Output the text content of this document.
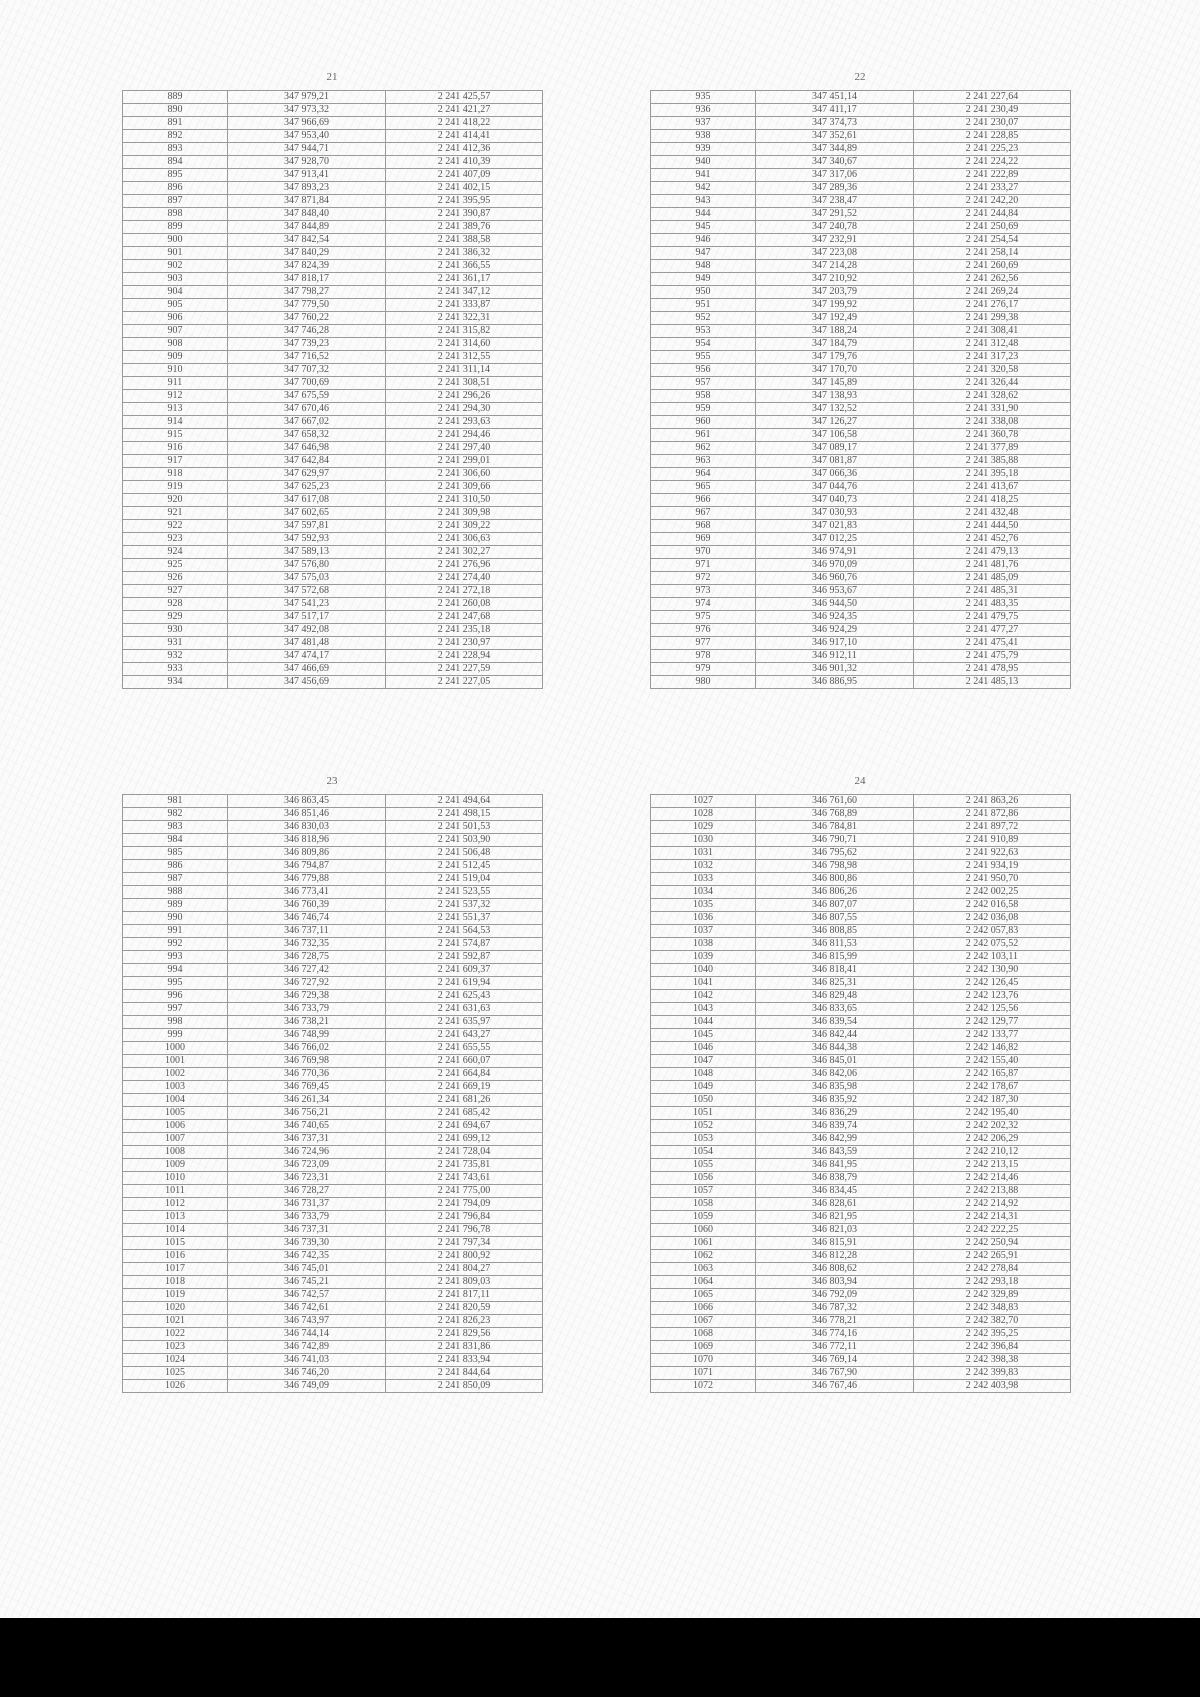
21
889	347 979,21	2 241 425,57
890	347 973,32	2 241 421,27
891	347 966,69	2 241 418,22
892	347 953,40	2 241 414,41
893	347 944,71	2 241 412,36
894	347 928,70	2 241 410,39
895	347 913,41	2 241 407,09
896	347 893,23	2 241 402,15
897	347 871,84	2 241 395,95
898	347 848,40	2 241 390,87
899	347 844,89	2 241 389,76
900	347 842,54	2 241 388,58
901	347 840,29	2 241 386,32
902	347 824,39	2 241 366,55
903	347 818,17	2 241 361,17
904	347 798,27	2 241 347,12
905	347 779,50	2 241 333,87
906	347 760,22	2 241 322,31
907	347 746,28	2 241 315,82
908	347 739,23	2 241 314,60
909	347 716,52	2 241 312,55
910	347 707,32	2 241 311,14
911	347 700,69	2 241 308,51
912	347 675,59	2 241 296,26
913	347 670,46	2 241 294,30
914	347 667,02	2 241 293,63
915	347 658,32	2 241 294,46
916	347 646,98	2 241 297,40
917	347 642,84	2 241 299,01
918	347 629,97	2 241 306,60
919	347 625,23	2 241 309,66
920	347 617,08	2 241 310,50
921	347 602,65	2 241 309,98
922	347 597,81	2 241 309,22
923	347 592,93	2 241 306,63
924	347 589,13	2 241 302,27
925	347 576,80	2 241 276,96
926	347 575,03	2 241 274,40
927	347 572,68	2 241 272,18
928	347 541,23	2 241 260,08
929	347 517,17	2 241 247,68
930	347 492,08	2 241 235,18
931	347 481,48	2 241 230,97
932	347 474,17	2 241 228,94
933	347 466,69	2 241 227,59
934	347 456,69	2 241 227,05
22
935	347 451,14	2 241 227,64
936	347 411,17	2 241 230,49
937	347 374,73	2 241 230,07
938	347 352,61	2 241 228,85
939	347 344,89	2 241 225,23
940	347 340,67	2 241 224,22
941	347 317,06	2 241 222,89
942	347 289,36	2 241 233,27
943	347 238,47	2 241 242,20
944	347 291,52	2 241 244,84
945	347 240,78	2 241 250,69
946	347 232,91	2 241 254,54
947	347 223,08	2 241 258,14
948	347 214,28	2 241 260,69
949	347 210,92	2 241 262,56
950	347 203,79	2 241 269,24
951	347 199,92	2 241 276,17
952	347 192,49	2 241 299,38
953	347 188,24	2 241 308,41
954	347 184,79	2 241 312,48
955	347 179,76	2 241 317,23
956	347 170,70	2 241 320,58
957	347 145,89	2 241 326,44
958	347 138,93	2 241 328,62
959	347 132,52	2 241 331,90
960	347 126,27	2 241 338,08
961	347 106,58	2 241 360,78
962	347 089,17	2 241 377,89
963	347 081,87	2 241 385,88
964	347 066,36	2 241 395,18
965	347 044,76	2 241 413,67
966	347 040,73	2 241 418,25
967	347 030,93	2 241 432,48
968	347 021,83	2 241 444,50
969	347 012,25	2 241 452,76
970	346 974,91	2 241 479,13
971	346 970,09	2 241 481,76
972	346 960,76	2 241 485,09
973	346 953,67	2 241 485,31
974	346 944,50	2 241 483,35
975	346 924,35	2 241 479,75
976	346 924,29	2 241 477,27
977	346 917,10	2 241 475,41
978	346 912,11	2 241 475,79
979	346 901,32	2 241 478,95
980	346 886,95	2 241 485,13
23
981	346 863,45	2 241 494,64
982	346 851,46	2 241 498,15
983	346 830,03	2 241 501,53
984	346 818,96	2 241 503,90
985	346 809,86	2 241 506,48
986	346 794,87	2 241 512,45
987	346 779,88	2 241 519,04
988	346 773,41	2 241 523,55
989	346 760,39	2 241 537,32
990	346 746,74	2 241 551,37
991	346 737,11	2 241 564,53
992	346 732,35	2 241 574,87
993	346 728,75	2 241 592,87
994	346 727,42	2 241 609,37
995	346 727,92	2 241 619,94
996	346 729,38	2 241 625,43
997	346 733,79	2 241 631,63
998	346 738,21	2 241 635,97
999	346 748,99	2 241 643,27
1000	346 766,02	2 241 655,55
1001	346 769,98	2 241 660,07
1002	346 770,36	2 241 664,84
1003	346 769,45	2 241 669,19
1004	346 261,34	2 241 681,26
1005	346 756,21	2 241 685,42
1006	346 740,65	2 241 694,67
1007	346 737,31	2 241 699,12
1008	346 724,96	2 241 728,04
1009	346 723,09	2 241 735,81
1010	346 723,31	2 241 743,61
1011	346 728,27	2 241 775,00
1012	346 731,37	2 241 794,09
1013	346 733,79	2 241 796,84
1014	346 737,31	2 241 796,78
1015	346 739,30	2 241 797,34
1016	346 742,35	2 241 800,92
1017	346 745,01	2 241 804,27
1018	346 745,21	2 241 809,03
1019	346 742,57	2 241 817,11
1020	346 742,61	2 241 820,59
1021	346 743,97	2 241 826,23
1022	346 744,14	2 241 829,56
1023	346 742,89	2 241 831,86
1024	346 741,03	2 241 833,94
1025	346 746,20	2 241 844,64
1026	346 749,09	2 241 850,09
24
1027	346 761,60	2 241 863,26
1028	346 768,89	2 241 872,86
1029	346 784,81	2 241 897,72
1030	346 790,71	2 241 910,89
1031	346 795,62	2 241 922,63
1032	346 798,98	2 241 934,19
1033	346 800,86	2 241 950,70
1034	346 806,26	2 242 002,25
1035	346 807,07	2 242 016,58
1036	346 807,55	2 242 036,08
1037	346 808,85	2 242 057,83
1038	346 811,53	2 242 075,52
1039	346 815,99	2 242 103,11
1040	346 818,41	2 242 130,90
1041	346 825,31	2 242 126,45
1042	346 829,48	2 242 123,76
1043	346 833,65	2 242 125,56
1044	346 839,54	2 242 129,77
1045	346 842,44	2 242 133,77
1046	346 844,38	2 242 146,82
1047	346 845,01	2 242 155,40
1048	346 842,06	2 242 165,87
1049	346 835,98	2 242 178,67
1050	346 835,92	2 242 187,30
1051	346 836,29	2 242 195,40
1052	346 839,74	2 242 202,32
1053	346 842,99	2 242 206,29
1054	346 843,59	2 242 210,12
1055	346 841,95	2 242 213,15
1056	346 838,79	2 242 214,46
1057	346 834,45	2 242 213,88
1058	346 828,61	2 242 214,92
1059	346 821,95	2 242 214,31
1060	346 821,03	2 242 222,25
1061	346 815,91	2 242 250,94
1062	346 812,28	2 242 265,91
1063	346 808,62	2 242 278,84
1064	346 803,94	2 242 293,18
1065	346 792,09	2 242 329,89
1066	346 787,32	2 242 348,83
1067	346 778,21	2 242 382,70
1068	346 774,16	2 242 395,25
1069	346 772,11	2 242 396,84
1070	346 769,14	2 242 398,38
1071	346 767,90	2 242 399,83
1072	346 767,46	2 242 403,98
